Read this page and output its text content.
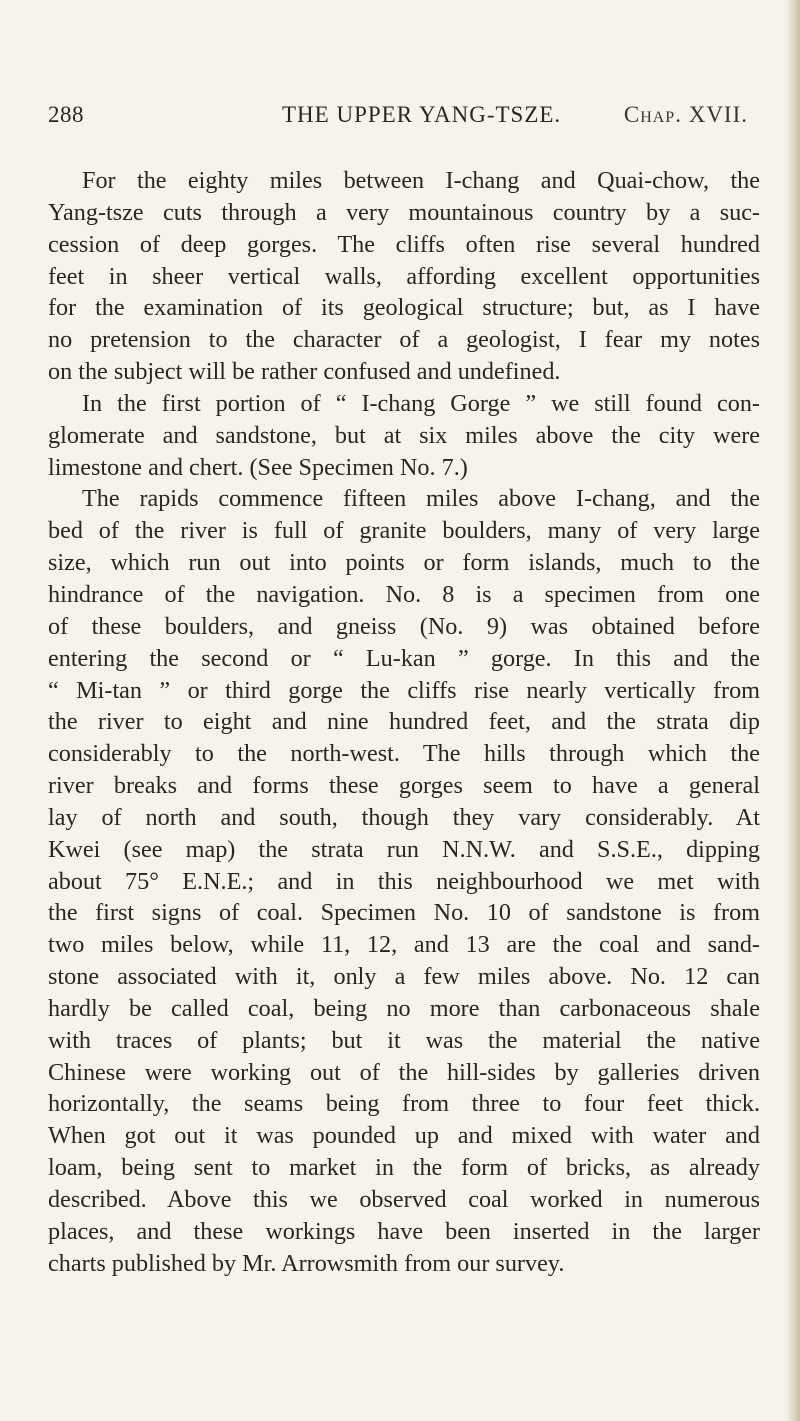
288	THE UPPER YANG-TSZE.	Chap. XVII.
For the eighty miles between I-chang and Quai-chow, the
Yang-tsze cuts through a very mountainous country by a suc-
cession of deep gorges. The cliffs often rise several hundred
feet in sheer vertical walls, affording excellent opportunities
for the examination of its geological structure; but, as I have
no pretension to the character of a geologist, I fear my notes
on the subject will be rather confused and undefined.
In the first portion of “ I-chang Gorge ” we still found con-
glomerate and sandstone, but at six miles above the city were
limestone and chert. (See Specimen No. 7.)
The rapids commence fifteen miles above I-chang, and the
bed of the river is full of granite boulders, many of very large
size, which run out into points or form islands, much to the
hindrance of the navigation. No. 8 is a specimen from one
of these boulders, and gneiss (No. 9) was obtained before
entering the second or “ Lu-kan ” gorge. In this and the
“ Mi-tan ” or third gorge the cliffs rise nearly vertically from
the river to eight and nine hundred feet, and the strata dip
considerably to the north-west. The hills through which the
river breaks and forms these gorges seem to have a general
lay of north and south, though they vary considerably. At
Kwei (see map) the strata run N.N.W. and S.S.E., dipping
about 75° E.N.E.; and in this neighbourhood we met with
the first signs of coal. Specimen No. 10 of sandstone is from
two miles below, while 11, 12, and 13 are the coal and sand-
stone associated with it, only a few miles above. No. 12 can
hardly be called coal, being no more than carbonaceous shale
with traces of plants; but it was the material the native
Chinese were working out of the hill-sides by galleries driven
horizontally, the seams being from three to four feet thick.
When got out it was pounded up and mixed with water and
loam, being sent to market in the form of bricks, as already
described. Above this we observed coal worked in numerous
places, and these workings have been inserted in the larger
charts published by Mr. Arrowsmith from our survey.
